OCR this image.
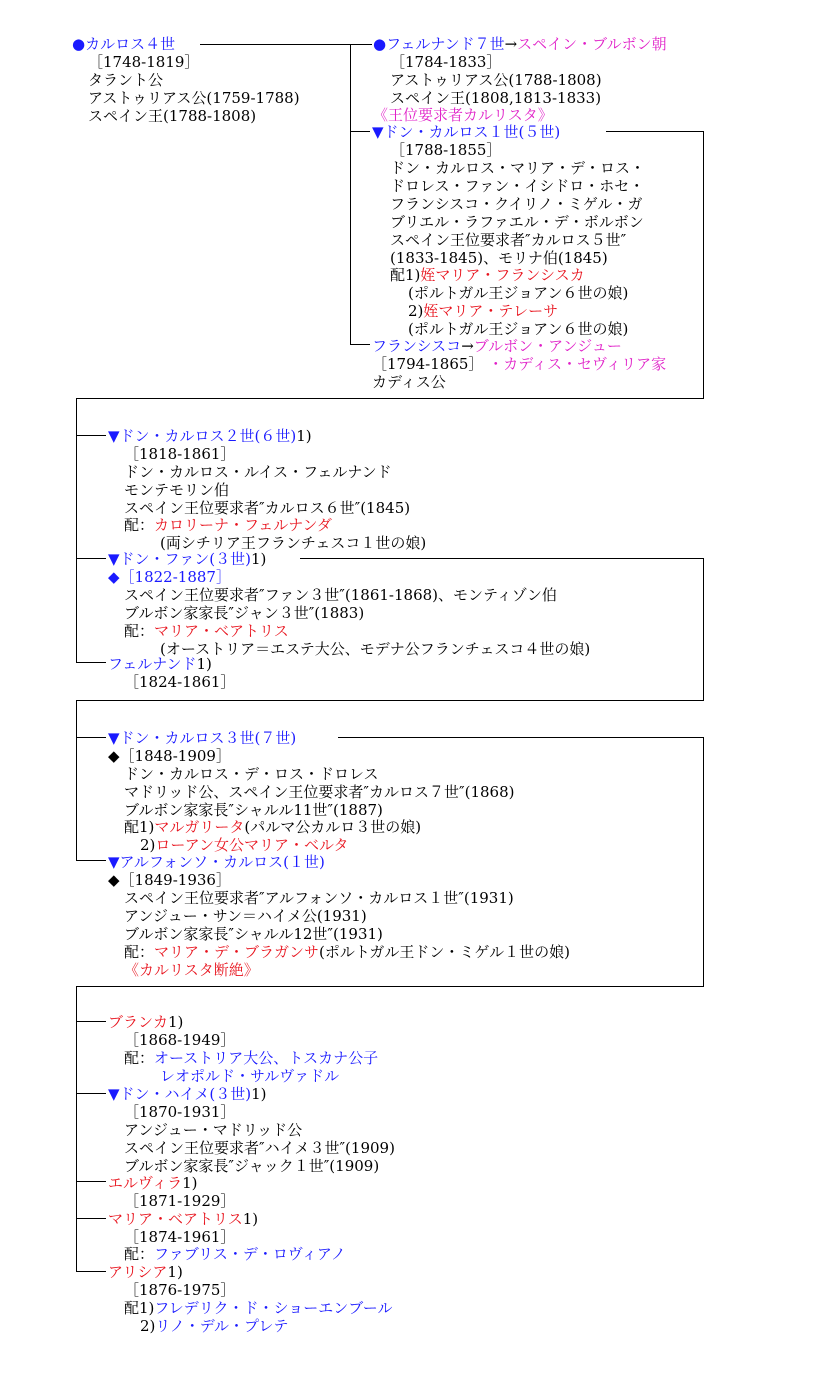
●カルロス４世
［1748-1819］
タラント公
アストゥリアス公(1759-1788)
スペイン王(1788-1808)
●フェルナンド７世→スペイン・ブルボン朝
［1784-1833］
アストゥリアス公(1788-1808)
スペイン王(1808,1813-1833)
《王位要求者カルリスタ》
▼ドン・カルロス１世(５世)
［1788-1855］
ドン・カルロス・マリア・デ・ロス・
ドロレス・ファン・イシドロ・ホセ・
フランシスコ・クイリノ・ミゲル・ガ
ブリエル・ラファエル・デ・ボルボン
スペイン王位要求者″カルロス５世″
(1833-1845)、モリナ伯(1845)
配1)姪マリア・フランシスカ
(ポルトガル王ジョアン６世の娘)
2)姪マリア・テレーサ
(ポルトガル王ジョアン６世の娘)
フランシスコ→ブルボン・アンジュー
［1794-1865］ ・カディス・セヴィリア家
カディス公
▼ドン・カルロス２世(６世)1)
［1818-1861］
ドン・カルロス・ルイス・フェルナンド
モンテモリン伯
スペイン王位要求者″カルロス６世″(1845)
配：カロリーナ・フェルナンダ
(両シチリア王フランチェスコ１世の娘)
▼ドン・ファン(３世)1)
◆［1822-1887］
スペイン王位要求者″ファン３世″(1861-1868)、モンティゾン伯
ブルボン家家長″ジャン３世″(1883)
配：マリア・ベアトリス
(オーストリア＝エステ大公、モデナ公フランチェスコ４世の娘)
フェルナンド1)
［1824-1861］
▼ドン・カルロス３世(７世)
◆［1848-1909］
ドン・カルロス・デ・ロス・ドロレス
マドリッド公、スペイン王位要求者″カルロス７世″(1868)
ブルボン家家長″シャルル11世″(1887)
配1)マルガリータ(パルマ公カルロ３世の娘)
2)ローアン女公マリア・ベルタ
▼アルフォンソ・カルロス(１世)
◆［1849-1936］
スペイン王位要求者″アルフォンソ・カルロス１世″(1931)
アンジュー・サン＝ハイメ公(1931)
ブルボン家家長″シャルル12世″(1931)
配：マリア・デ・ブラガンサ(ポルトガル王ドン・ミゲル１世の娘)
《カルリスタ断絶》
ブランカ1)
［1868-1949］
配：オーストリア大公、トスカナ公子
レオポルド・サルヴァドル
▼ドン・ハイメ(３世)1)
［1870-1931］
アンジュー・マドリッド公
スペイン王位要求者″ハイメ３世″(1909)
ブルボン家家長″ジャック１世″(1909)
エルヴィラ1)
［1871-1929］
マリア・ベアトリス1)
［1874-1961］
配：ファブリス・デ・ロヴィアノ
アリシア1)
［1876-1975］
配1)フレデリク・ド・ショーエンブール
2)リノ・デル・プレテ
